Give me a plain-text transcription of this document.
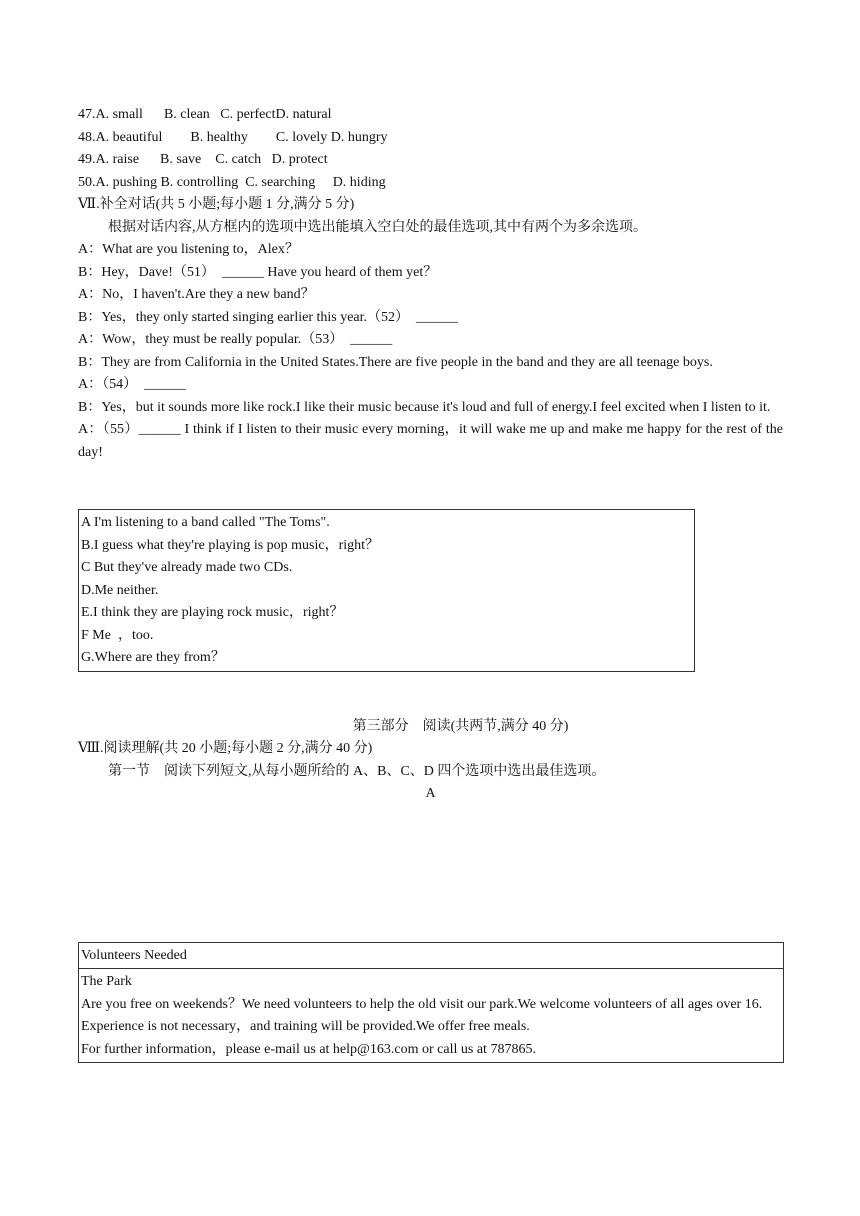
47.A. small      B. clean   C. perfectD. natural
48.A. beautiful        B. healthy        C. lovely D. hungry
49.A. raise      B. save    C. catch   D. protect
50.A. pushing B. controlling  C. searching     D. hiding
Ⅶ.补全对话(共 5 小题;每小题 1 分,满分 5 分)
根据对话内容,从方框内的选项中选出能填入空白处的最佳选项,其中有两个为多余选项。
A：What are you listening to，Alex？
B：Hey，Dave!（51）  ______ Have you heard of them yet？
A：No，I haven't.Are they a new band？
B：Yes，they only started singing earlier this year.（52）  ______
A：Wow，they must be really popular.（53）  ______
B：They are from California in the United States.There are five people in the band and they are all teenage boys.
A：（54）  ______
B：Yes，but it sounds more like rock.I like their music because it's loud and full of energy.I feel excited when I listen to it.
A：（55）______ I think if I listen to their music every morning，it will wake me up and make me happy for the rest of the day!
A I'm listening to a band called "The Toms".
B.I guess what they're playing is pop music，right？
C But they've already made two CDs.
D.Me neither.
E.I think they are playing rock music，right？
F Me  ，too.
G.Where are they from？
第三部分    阅读(共两节,满分 40 分)
Ⅷ.阅读理解(共 20 小题;每小题 2 分,满分 40 分)
第一节    阅读下列短文,从每小题所给的 A、B、C、D 四个选项中选出最佳选项。
A
Volunteers Needed
The Park
Are you free on weekends？We need volunteers to help the old visit our park.We welcome volunteers of all ages over 16.
Experience is not necessary，and training will be provided.We offer free meals.
For further information，please e-mail us at help@163.com or call us at 787865.
